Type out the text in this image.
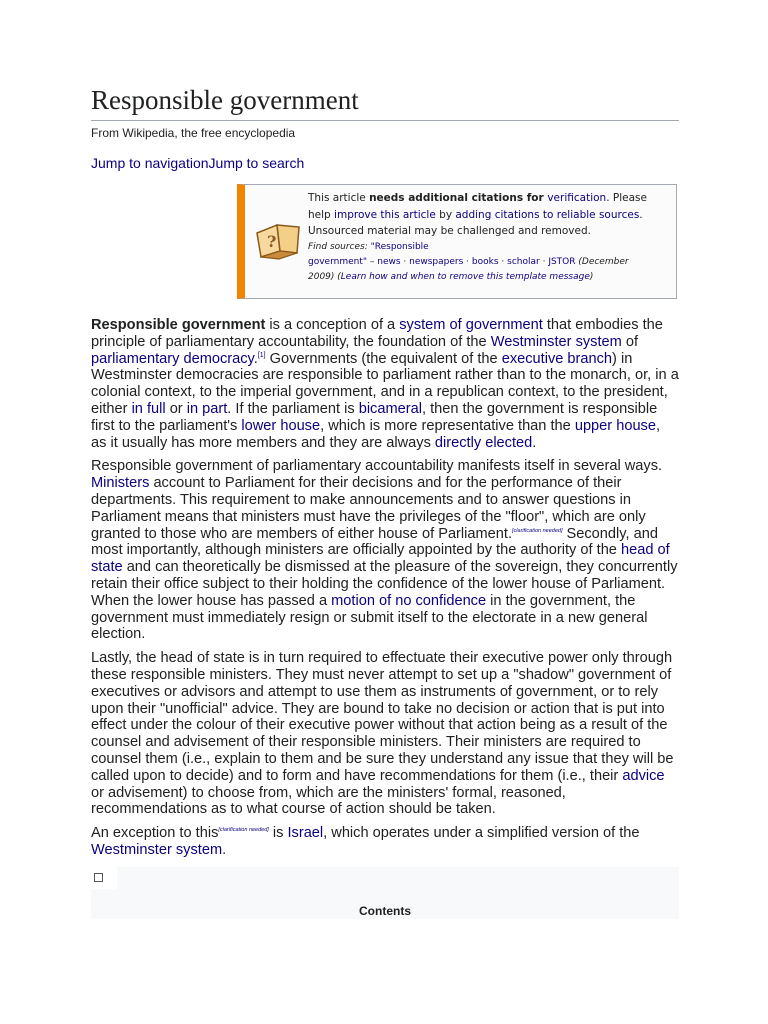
Responsible government
From Wikipedia, the free encyclopedia
Jump to navigationJump to search
?
This article needs additional citations for verification. Please
help improve this article by adding citations to reliable sources.
Unsourced material may be challenged and removed.
Find sources: "Responsible
government" – news · newspapers · books · scholar · JSTOR (December
2009) (Learn how and when to remove this template message)

Responsible government is a conception of a system of government that embodies the principle of parliamentary accountability, the foundation of the Westminster system of parliamentary democracy.[1] Governments (the equivalent of the executive branch) in Westminster democracies are responsible to parliament rather than to the monarch, or, in a colonial context, to the imperial government, and in a republican context, to the president, either in full or in part. If the parliament is bicameral, then the government is responsible first to the parliament's lower house, which is more representative than the upper house, as it usually has more members and they are always directly elected.

Responsible government of parliamentary accountability manifests itself in several ways. Ministers account to Parliament for their decisions and for the performance of their departments. This requirement to make announcements and to answer questions in Parliament means that ministers must have the privileges of the "floor", which are only granted to those who are members of either house of Parliament.[clarification needed] Secondly, and most importantly, although ministers are officially appointed by the authority of the head of state and can theoretically be dismissed at the pleasure of the sovereign, they concurrently retain their office subject to their holding the confidence of the lower house of Parliament. When the lower house has passed a motion of no confidence in the government, the government must immediately resign or submit itself to the electorate in a new general election.

Lastly, the head of state is in turn required to effectuate their executive power only through these responsible ministers. They must never attempt to set up a "shadow" government of executives or advisors and attempt to use them as instruments of government, or to rely upon their "unofficial" advice. They are bound to take no decision or action that is put into effect under the colour of their executive power without that action being as a result of the counsel and advisement of their responsible ministers. Their ministers are required to counsel them (i.e., explain to them and be sure they understand any issue that they will be called upon to decide) and to form and have recommendations for them (i.e., their advice or advisement) to choose from, which are the ministers' formal, reasoned, recommendations as to what course of action should be taken.

An exception to this[clarification needed] is Israel, which operates under a simplified version of the Westminster system.

Contents
